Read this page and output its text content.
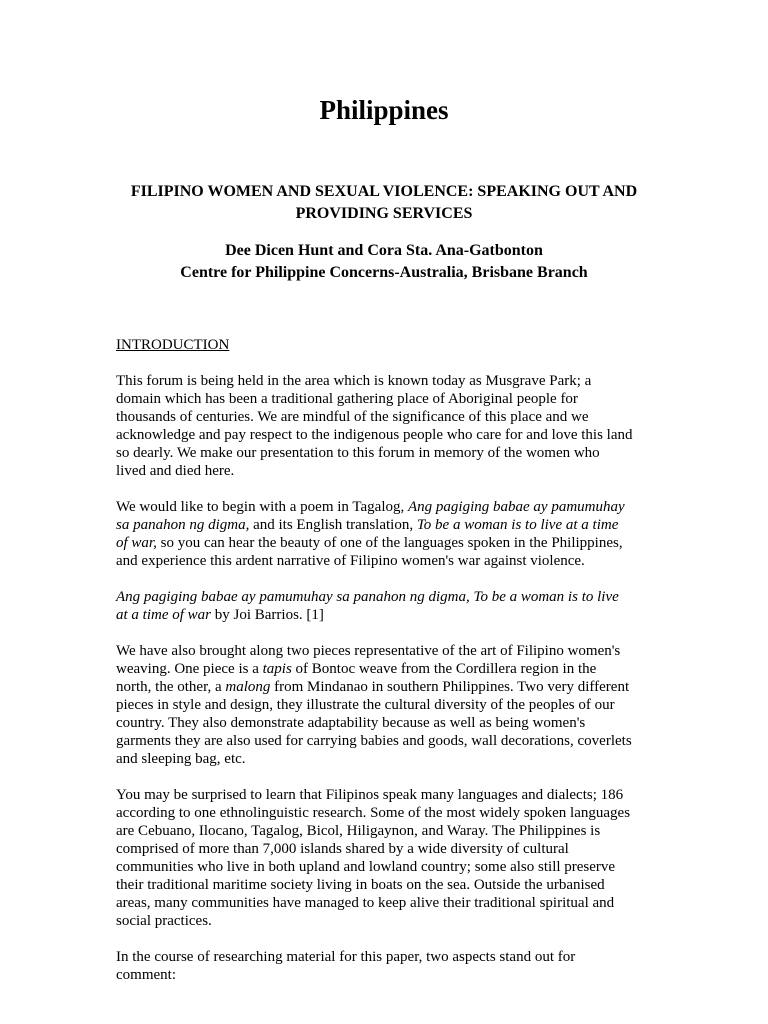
Philippines
FILIPINO WOMEN AND SEXUAL VIOLENCE: SPEAKING OUT AND PROVIDING SERVICES
Dee Dicen Hunt and Cora Sta. Ana-Gatbonton
Centre for Philippine Concerns-Australia, Brisbane Branch
INTRODUCTION

This forum is being held in the area which is known today as Musgrave Park; a
domain which has been a traditional gathering place of Aboriginal people for
thousands of centuries. We are mindful of the significance of this place and we
acknowledge and pay respect to the indigenous people who care for and love this land
so dearly. We make our presentation to this forum in memory of the women who
lived and died here.

We would like to begin with a poem in Tagalog, Ang pagiging babae ay pamumuhay
sa panahon ng digma, and its English translation, To be a woman is to live at a time
of war, so you can hear the beauty of one of the languages spoken in the Philippines,
and experience this ardent narrative of Filipino women's war against violence.

Ang pagiging babae ay pamumuhay sa panahon ng digma, To be a woman is to live
at a time of war by Joi Barrios. [1]

We have also brought along two pieces representative of the art of Filipino women's
weaving. One piece is a tapis of Bontoc weave from the Cordillera region in the
north, the other, a malong from Mindanao in southern Philippines. Two very different
pieces in style and design, they illustrate the cultural diversity of the peoples of our
country. They also demonstrate adaptability because as well as being women's
garments they are also used for carrying babies and goods, wall decorations, coverlets
and sleeping bag, etc.

You may be surprised to learn that Filipinos speak many languages and dialects; 186
according to one ethnolinguistic research. Some of the most widely spoken languages
are Cebuano, Ilocano, Tagalog, Bicol, Hiligaynon, and Waray. The Philippines is
comprised of more than 7,000 islands shared by a wide diversity of cultural
communities who live in both upland and lowland country; some also still preserve
their traditional maritime society living in boats on the sea. Outside the urbanised
areas, many communities have managed to keep alive their traditional spiritual and
social practices.

In the course of researching material for this paper, two aspects stand out for
comment:
